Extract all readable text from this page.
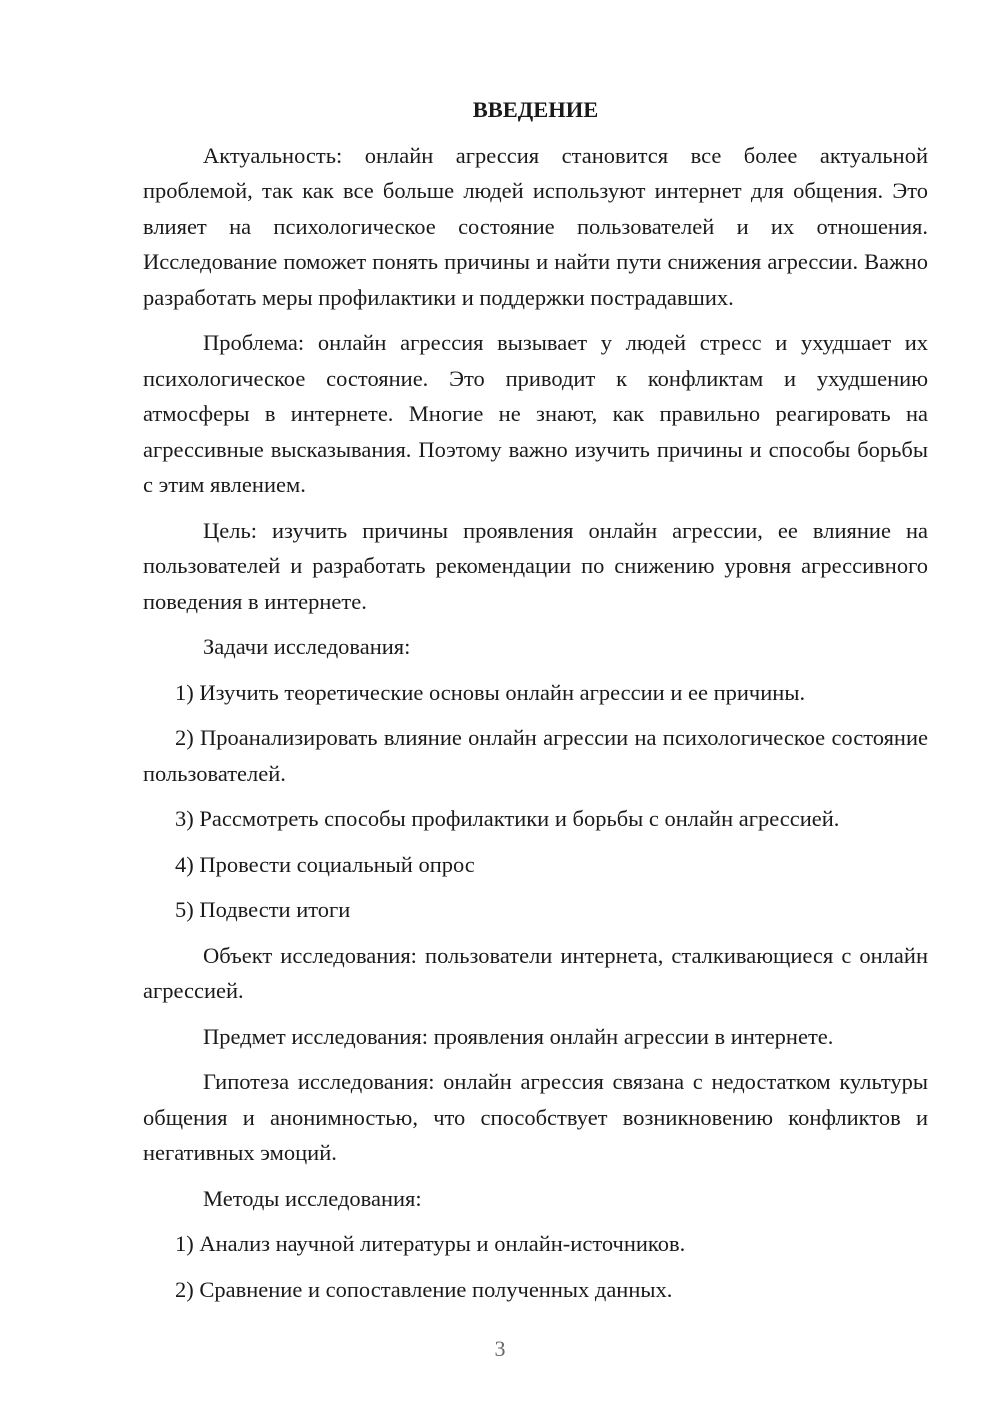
ВВЕДЕНИЕ
Актуальность: онлайн агрессия становится все более актуальной проблемой, так как все больше людей используют интернет для общения. Это влияет на психологическое состояние пользователей и их отношения. Исследование поможет понять причины и найти пути снижения агрессии. Важно разработать меры профилактики и поддержки пострадавших.
Проблема: онлайн агрессия вызывает у людей стресс и ухудшает их психологическое состояние. Это приводит к конфликтам и ухудшению атмосферы в интернете. Многие не знают, как правильно реагировать на агрессивные высказывания. Поэтому важно изучить причины и способы борьбы с этим явлением.
Цель: изучить причины проявления онлайн агрессии, ее влияние на пользователей и разработать рекомендации по снижению уровня агрессивного поведения в интернете.
Задачи исследования:
1) Изучить теоретические основы онлайн агрессии и ее причины.
2) Проанализировать влияние онлайн агрессии на психологическое состояние пользователей.
3) Рассмотреть способы профилактики и борьбы с онлайн агрессией.
4) Провести социальный опрос
5) Подвести итоги
Объект исследования: пользователи интернета, сталкивающиеся с онлайн агрессией.
Предмет исследования: проявления онлайн агрессии в интернете.
Гипотеза исследования: онлайн агрессия связана с недостатком культуры общения и анонимностью, что способствует возникновению конфликтов и негативных эмоций.
Методы исследования:
1) Анализ научной литературы и онлайн-источников.
2) Сравнение и сопоставление полученных данных.
3
